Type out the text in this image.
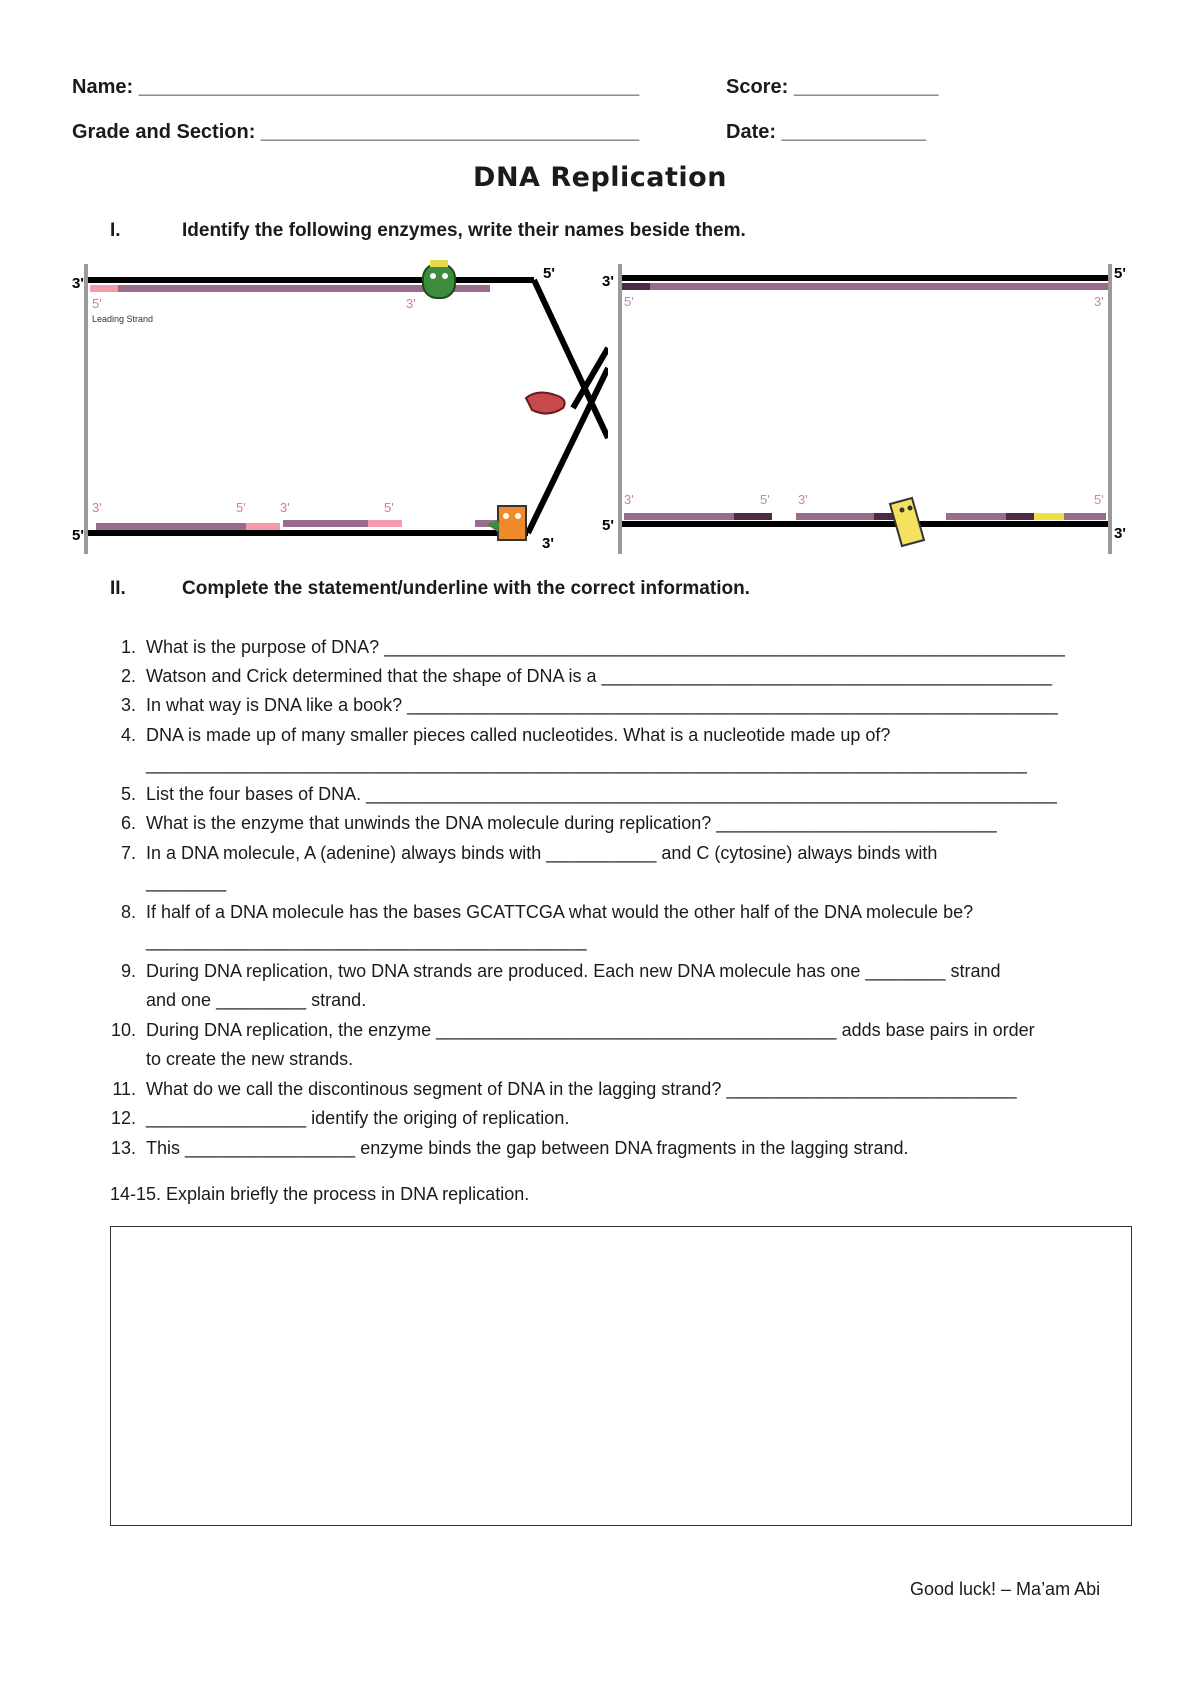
Name: _____________________________________________	Score: _____________
Grade and Section: __________________________________	Date: _____________
DNA Replication
I.	Identify the following enzymes, write their names beside them.
3'
5'
5'	3'
Leading Strand
5'	3'
3'	5'	3'	5'
3'	5'
5'	3'
5'	3'
3'	5' 3'	5'
II.	Complete the statement/underline with the correct information.
1. What is the purpose of DNA? ____________________________________________________________________
2. Watson and Crick determined that the shape of DNA is a _____________________________________________
3. In what way is DNA like a book? _________________________________________________________________
4. DNA is made up of many smaller pieces called nucleotides. What is a nucleotide made up of?
________________________________________________________________________________________
5. List the four bases of DNA. _____________________________________________________________________
6. What is the enzyme that unwinds the DNA molecule during replication? ____________________________
7. In a DNA molecule, A (adenine) always binds with ___________ and C (cytosine) always binds with
________
8. If half of a DNA molecule has the bases GCATTCGA what would the other half of the DNA molecule be?
____________________________________________
9. During DNA replication, two DNA strands are produced. Each new DNA molecule has one ________ strand
and one _________ strand.
10. During DNA replication, the enzyme ________________________________________ adds base pairs in order
to create the new strands.
11. What do we call the discontinous segment of DNA in the lagging strand? _____________________________
12. ________________ identify the origing of replication.
13. This _________________ enzyme binds the gap between DNA fragments in the lagging strand.
14-15. Explain briefly the process in DNA replication.
Good luck! – Ma’am Abi
